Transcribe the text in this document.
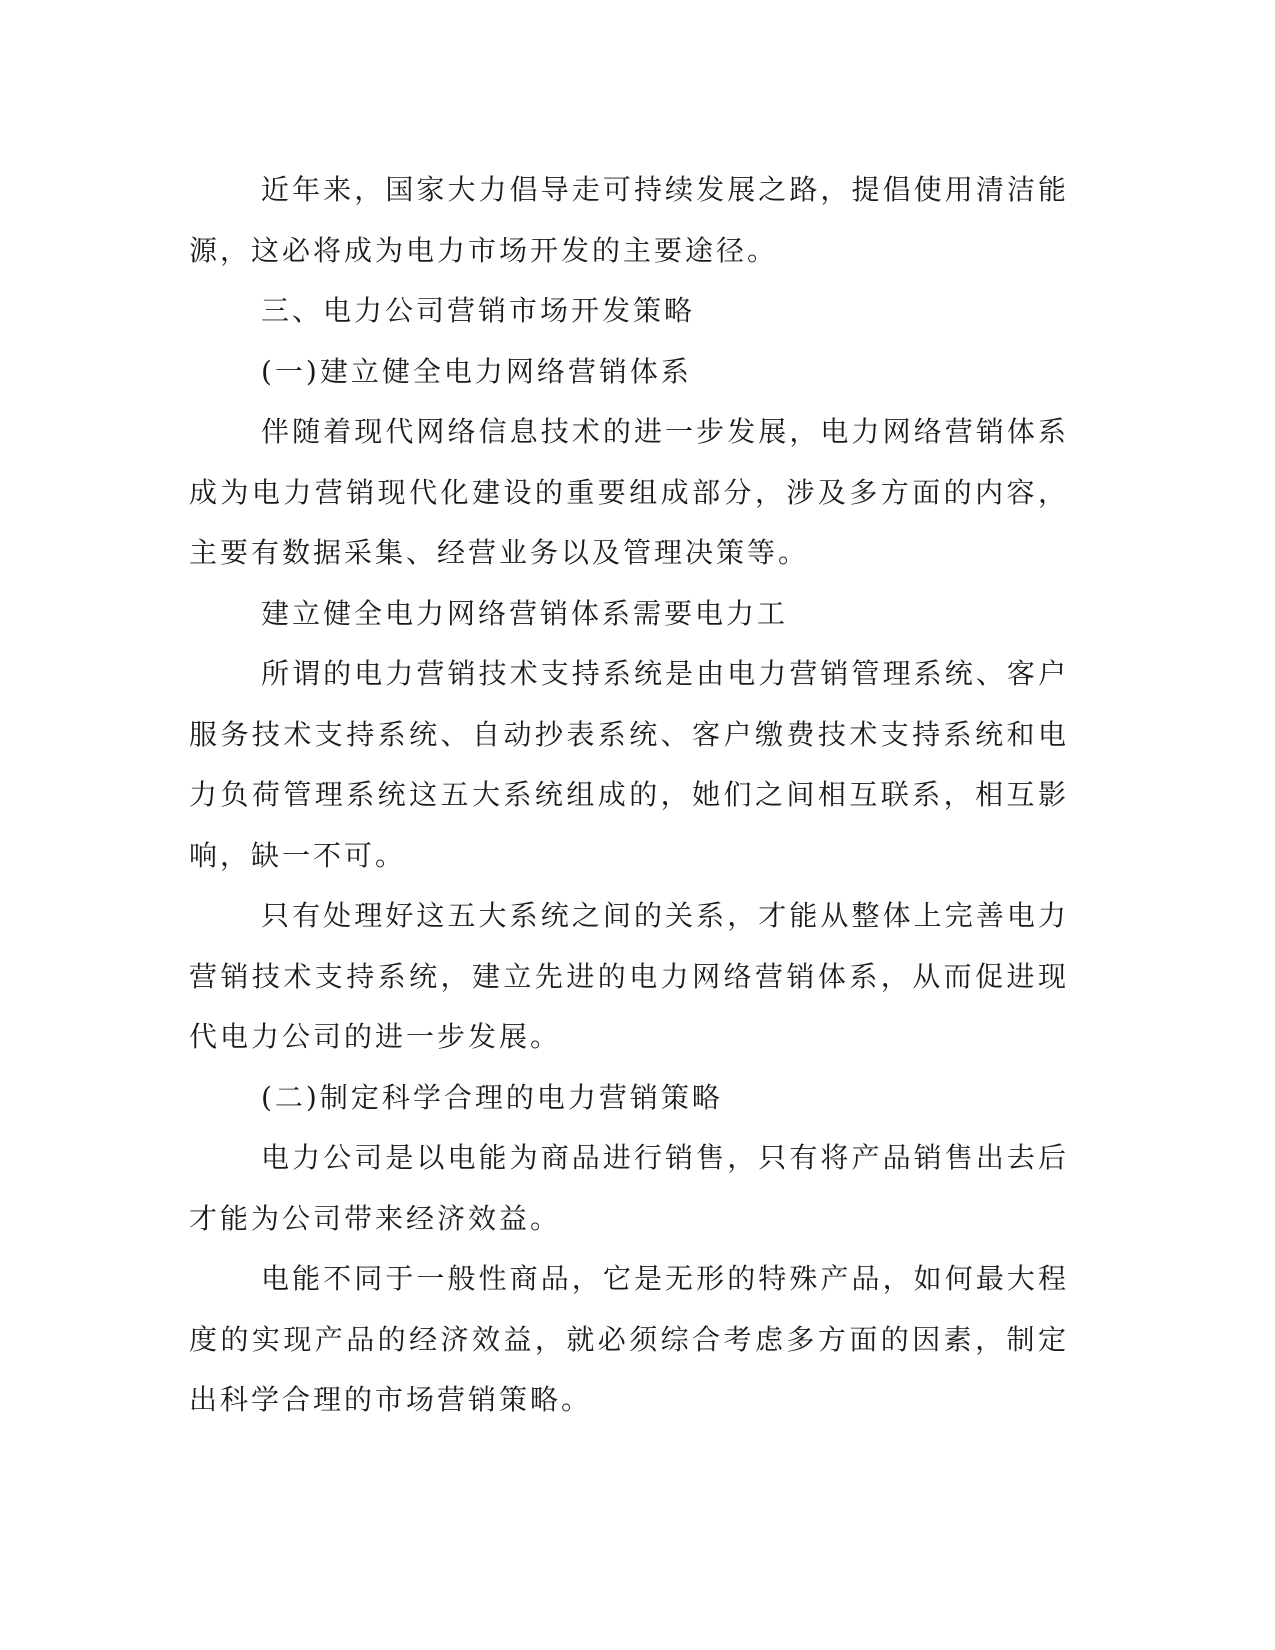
近年来，国家大力倡导走可持续发展之路，提倡使用清洁能源，这必将成为电力市场开发的主要途径。

三、电力公司营销市场开发策略

(一)建立健全电力网络营销体系

伴随着现代网络信息技术的进一步发展，电力网络营销体系成为电力营销现代化建设的重要组成部分，涉及多方面的内容，主要有数据采集、经营业务以及管理决策等。

建立健全电力网络营销体系需要电力工

所谓的电力营销技术支持系统是由电力营销管理系统、客户服务技术支持系统、自动抄表系统、客户缴费技术支持系统和电力负荷管理系统这五大系统组成的，她们之间相互联系，相互影响，缺一不可。

只有处理好这五大系统之间的关系，才能从整体上完善电力营销技术支持系统，建立先进的电力网络营销体系，从而促进现代电力公司的进一步发展。

(二)制定科学合理的电力营销策略

电力公司是以电能为商品进行销售，只有将产品销售出去后才能为公司带来经济效益。

电能不同于一般性商品，它是无形的特殊产品，如何最大程度的实现产品的经济效益，就必须综合考虑多方面的因素，制定出科学合理的市场营销策略。
